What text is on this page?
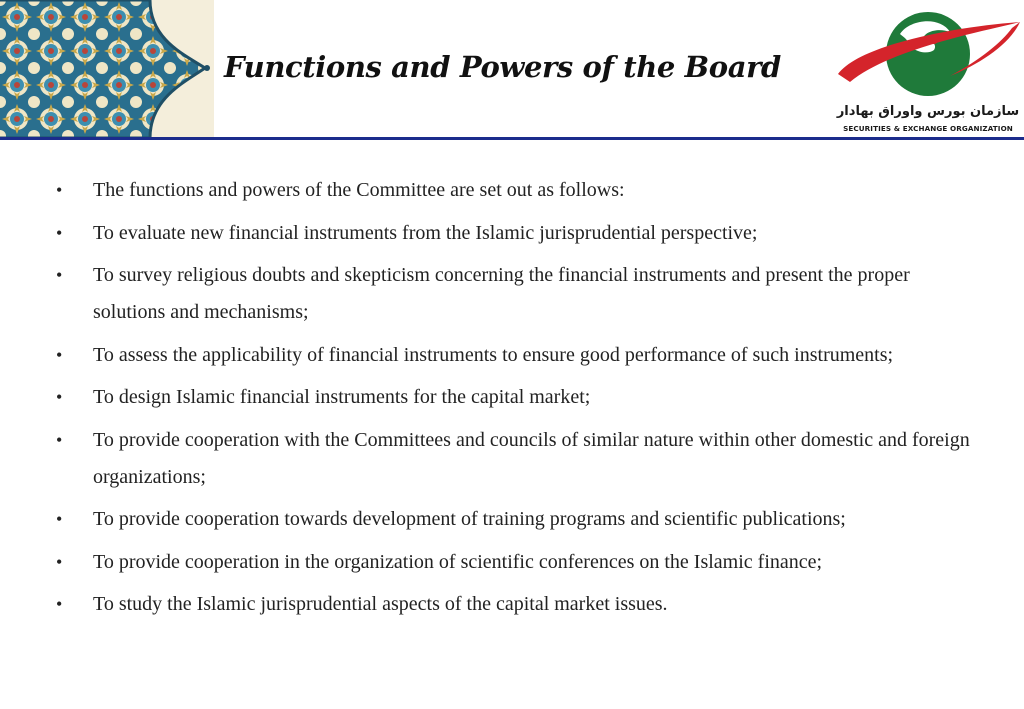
Functions and Powers of the Board
سازمان بورس واوراق بهادار
SECURITIES & EXCHANGE ORGANIZATION
• The functions and powers of the Committee are set out as follows:
• To evaluate new financial instruments from the Islamic jurisprudential perspective;
• To survey religious doubts and skepticism concerning the financial instruments and present the proper solutions and mechanisms;
• To assess the applicability of financial instruments to ensure good performance of such instruments;
• To design Islamic financial instruments for the capital market;
• To provide cooperation with the Committees and councils of similar nature within other domestic and foreign organizations;
• To provide cooperation towards development of training programs and scientific publications;
• To provide cooperation in the organization of scientific conferences on the Islamic finance;
• To study the Islamic jurisprudential aspects of the capital market issues.
